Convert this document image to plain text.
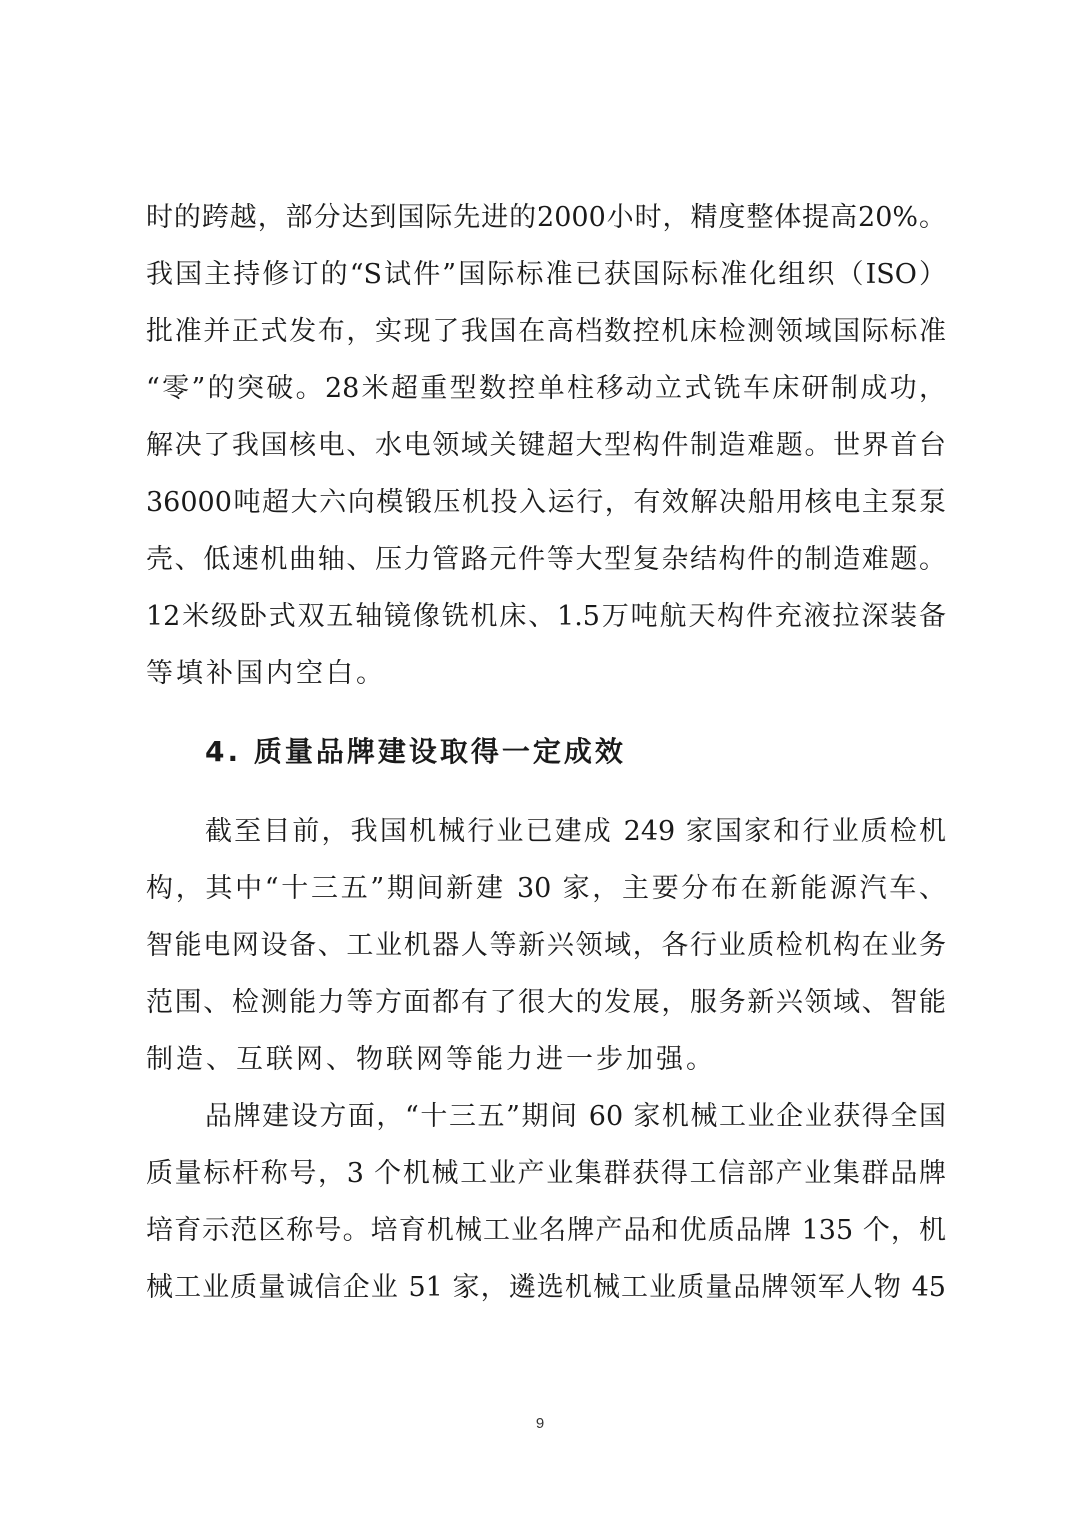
时的跨越，部分达到国际先进的2000小时，精度整体提高20%。
我国主持修订的“S试件”国际标准已获国际标准化组织（ISO）
批准并正式发布，实现了我国在高档数控机床检测领域国际标准
“零”的突破。28米超重型数控单柱移动立式铣车床研制成功，
解决了我国核电、水电领域关键超大型构件制造难题。世界首台
36000吨超大六向模锻压机投入运行，有效解决船用核电主泵泵
壳、低速机曲轴、压力管路元件等大型复杂结构件的制造难题。
12米级卧式双五轴镜像铣机床、1.5万吨航天构件充液拉深装备
等填补国内空白。
4. 质量品牌建设取得一定成效
截至目前，我国机械行业已建成 249 家国家和行业质检机
构，其中“十三五”期间新建 30 家，主要分布在新能源汽车、
智能电网设备、工业机器人等新兴领域，各行业质检机构在业务
范围、检测能力等方面都有了很大的发展，服务新兴领域、智能
制造、互联网、物联网等能力进一步加强。
品牌建设方面，“十三五”期间 60 家机械工业企业获得全国
质量标杆称号，3 个机械工业产业集群获得工信部产业集群品牌
培育示范区称号。培育机械工业名牌产品和优质品牌 135 个，机
械工业质量诚信企业 51 家，遴选机械工业质量品牌领军人物 45
9
